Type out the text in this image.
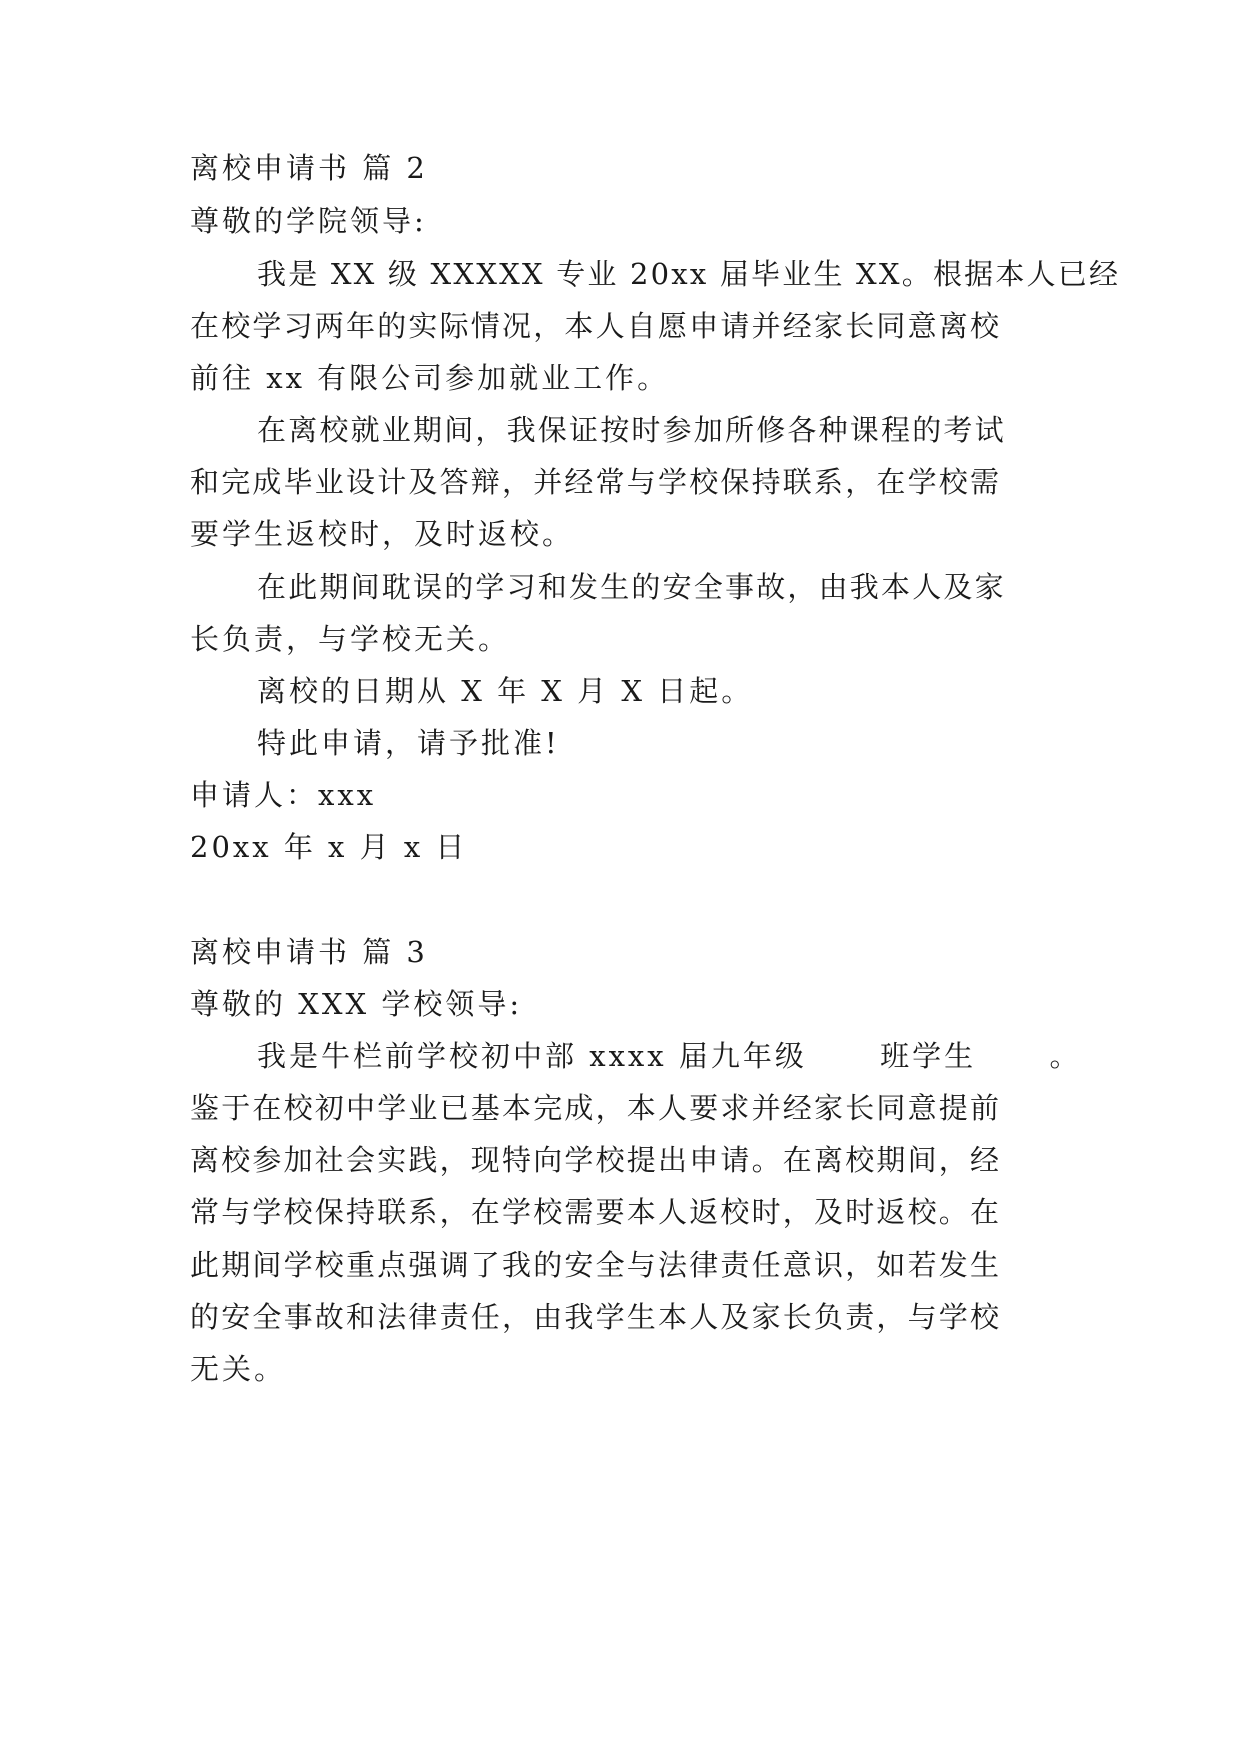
离校申请书 篇 2
尊敬的学院领导:
我是 XX 级 XXXXX 专业 20xx 届毕业生 XX。根据本人已经
在校学习两年的实际情况，本人自愿申请并经家长同意离校
前往 xx 有限公司参加就业工作。
在离校就业期间，我保证按时参加所修各种课程的考试
和完成毕业设计及答辩，并经常与学校保持联系，在学校需
要学生返校时，及时返校。
在此期间耽误的学习和发生的安全事故，由我本人及家
长负责，与学校无关。
离校的日期从 X 年 X 月 X 日起。
特此申请，请予批准!
申请人：xxx
20xx 年 x 月 x 日
离校申请书 篇 3
尊敬的 XXX 学校领导:
我是牛栏前学校初中部 xxxx 届九年级      班学生      。
鉴于在校初中学业已基本完成，本人要求并经家长同意提前
离校参加社会实践，现特向学校提出申请。在离校期间，经
常与学校保持联系，在学校需要本人返校时，及时返校。在
此期间学校重点强调了我的安全与法律责任意识，如若发生
的安全事故和法律责任，由我学生本人及家长负责，与学校
无关。
